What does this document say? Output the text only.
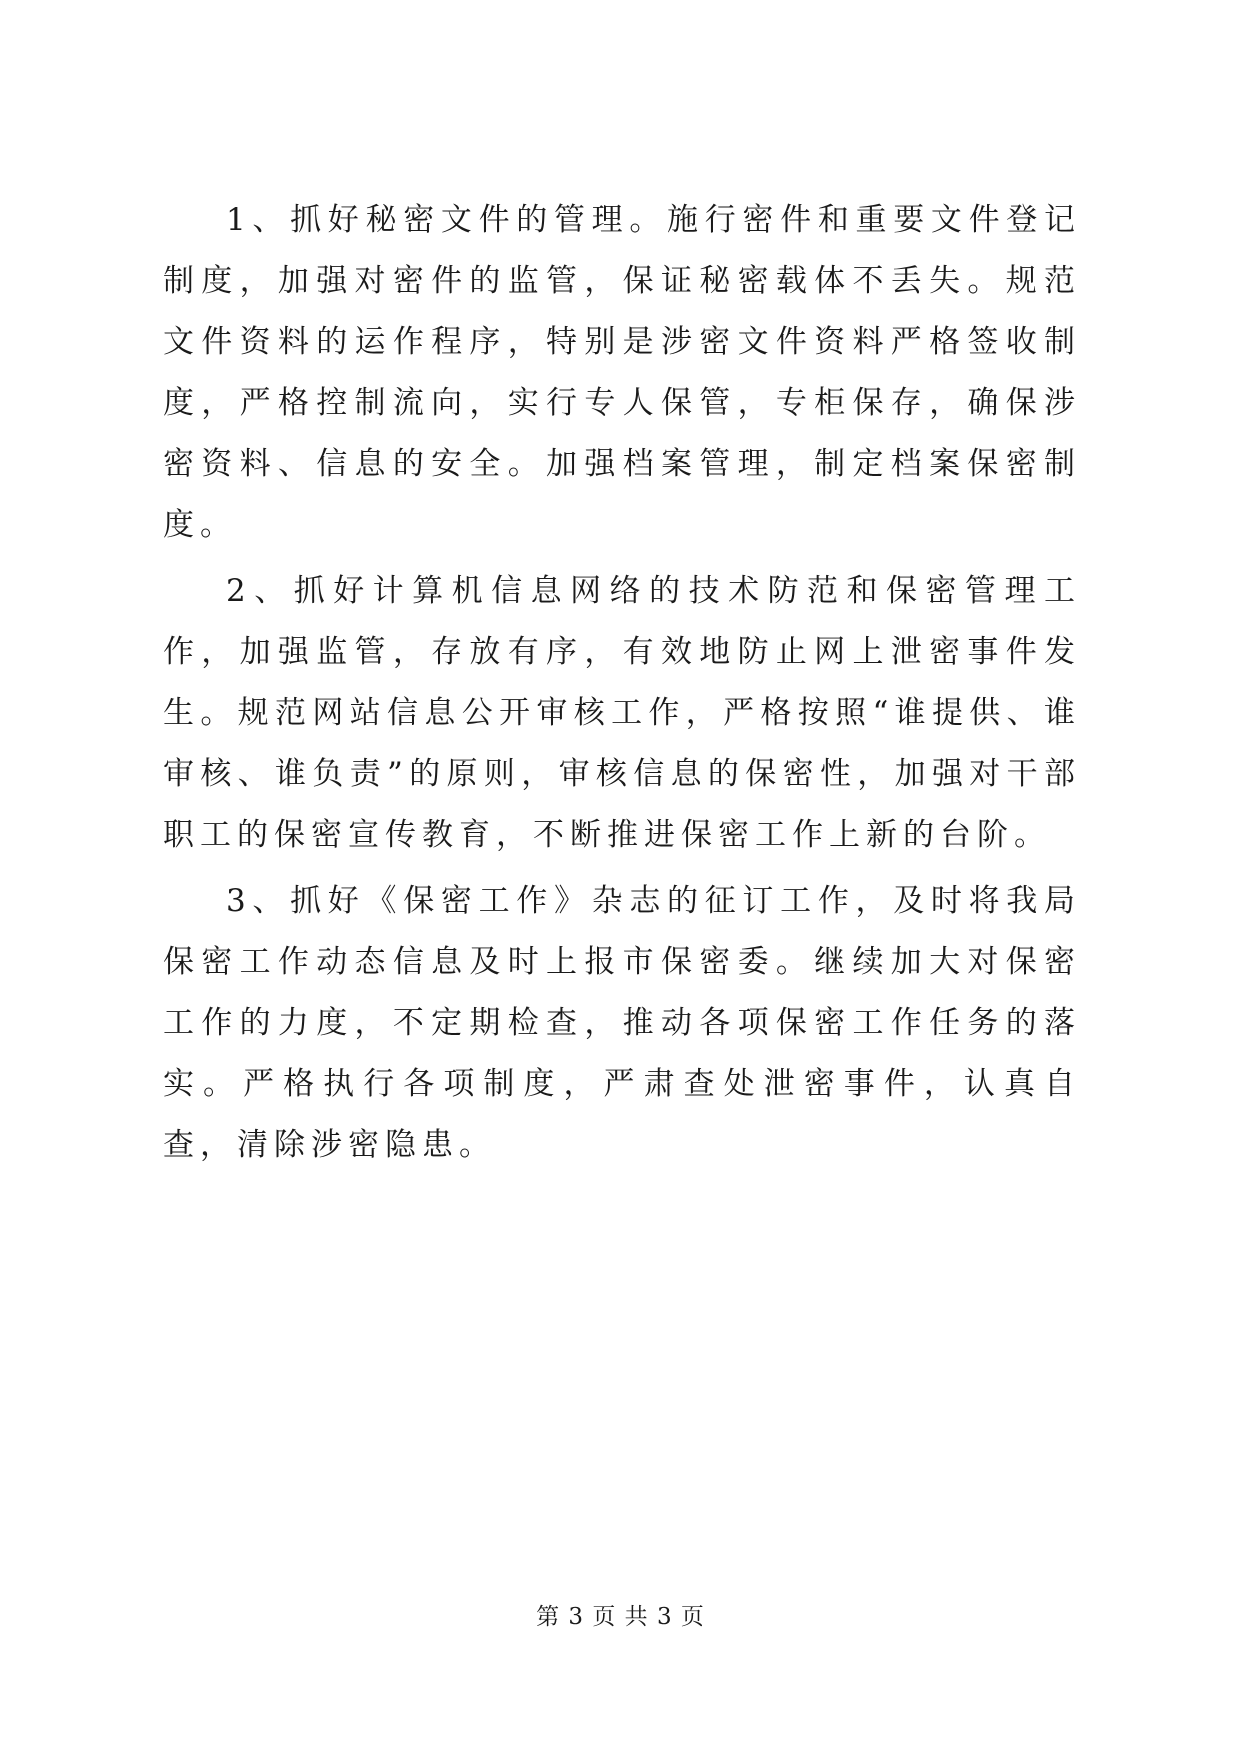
1、抓好秘密文件的管理。施行密件和重要文件登记制度，加强对密件的监管，保证秘密载体不丢失。规范文件资料的运作程序，特别是涉密文件资料严格签收制度，严格控制流向，实行专人保管，专柜保存，确保涉密资料、信息的安全。加强档案管理，制定档案保密制度。

2、抓好计算机信息网络的技术防范和保密管理工作，加强监管，存放有序，有效地防止网上泄密事件发生。规范网站信息公开审核工作，严格按照“谁提供、谁审核、谁负责”的原则，审核信息的保密性，加强对干部职工的保密宣传教育，不断推进保密工作上新的台阶。

3、抓好《保密工作》杂志的征订工作，及时将我局保密工作动态信息及时上报市保密委。继续加大对保密工作的力度，不定期检查，推动各项保密工作任务的落实。严格执行各项制度，严肃查处泄密事件，认真自查，清除涉密隐患。

第 3 页 共 3 页
